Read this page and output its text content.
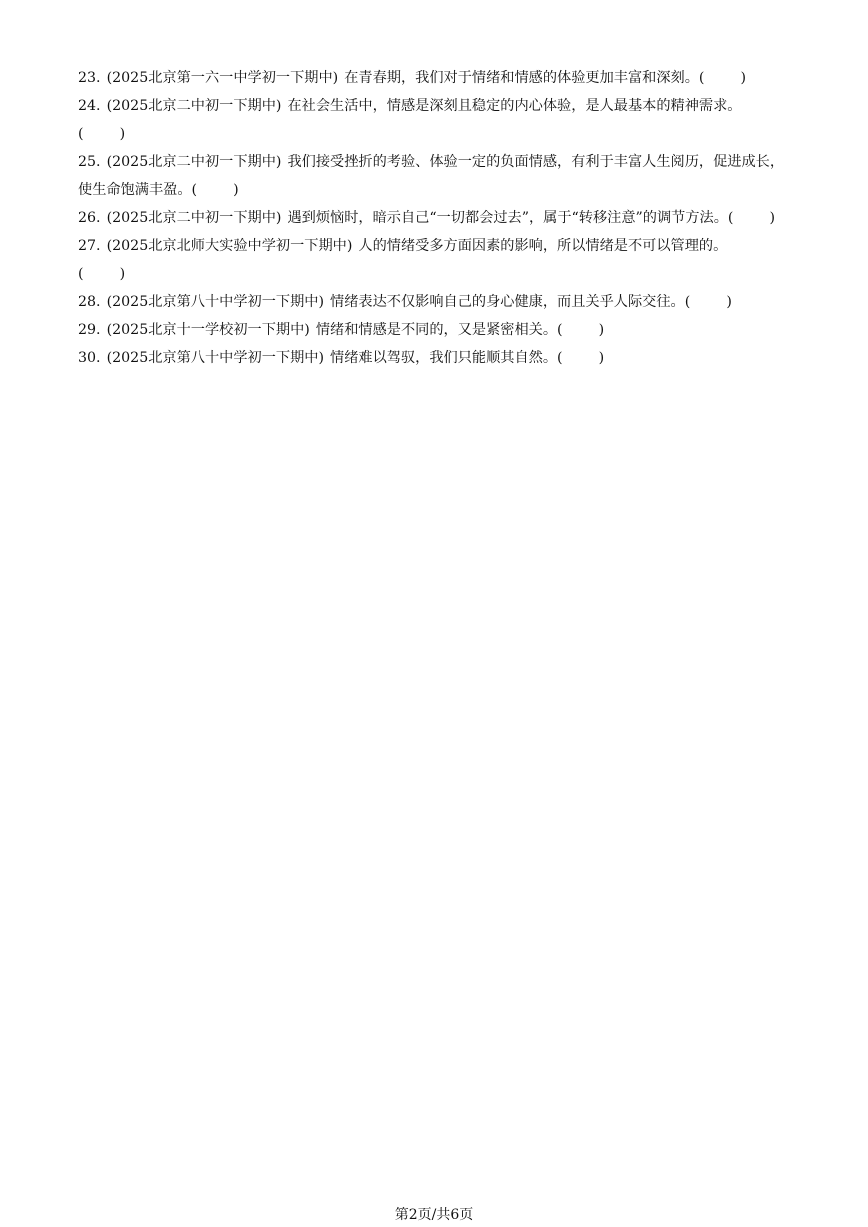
23. (2025北京第一六一中学初一下期中) 在青春期，我们对于情绪和情感的体验更加丰富和深刻。(        )

24. (2025北京二中初一下期中) 在社会生活中，情感是深刻且稳定的内心体验，是人最基本的精神需求。
(        )

25. (2025北京二中初一下期中) 我们接受挫折的考验、体验一定的负面情感，有利于丰富人生阅历，促进成长，使生命饱满丰盈。(        )

26. (2025北京二中初一下期中) 遇到烦恼时，暗示自己“一切都会过去”，属于“转移注意”的调节方法。(        )

27. (2025北京北师大实验中学初一下期中) 人的情绪受多方面因素的影响，所以情绪是不可以管理的。
(        )

28. (2025北京第八十中学初一下期中) 情绪表达不仅影响自己的身心健康，而且关乎人际交往。(        )

29. (2025北京十一学校初一下期中) 情绪和情感是不同的，又是紧密相关。(        )

30. (2025北京第八十中学初一下期中) 情绪难以驾驭，我们只能顺其自然。(        )

第2页/共6页
